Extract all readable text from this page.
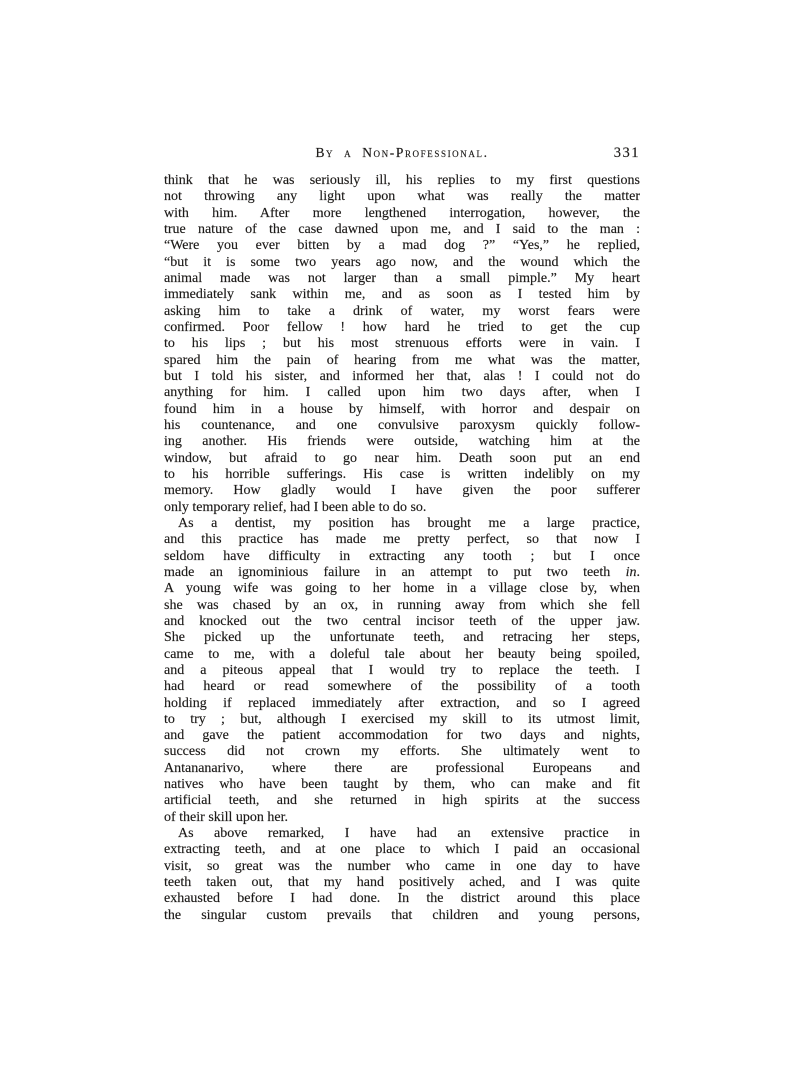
By a Non-Professional.	331
think that he was seriously ill, his replies to my first questions
not throwing any light upon what was really the matter
with him. After more lengthened interrogation, however, the
true nature of the case dawned upon me, and I said to the man :
“Were you ever bitten by a mad dog ?” “Yes,” he replied,
“but it is some two years ago now, and the wound which the
animal made was not larger than a small pimple.” My heart
immediately sank within me, and as soon as I tested him by
asking him to take a drink of water, my worst fears were
confirmed. Poor fellow ! how hard he tried to get the cup
to his lips ; but his most strenuous efforts were in vain. I
spared him the pain of hearing from me what was the matter,
but I told his sister, and informed her that, alas ! I could not do
anything for him. I called upon him two days after, when I
found him in a house by himself, with horror and despair on
his countenance, and one convulsive paroxysm quickly follow-
ing another. His friends were outside, watching him at the
window, but afraid to go near him. Death soon put an end
to his horrible sufferings. His case is written indelibly on my
memory. How gladly would I have given the poor sufferer
only temporary relief, had I been able to do so.
As a dentist, my position has brought me a large practice,
and this practice has made me pretty perfect, so that now I
seldom have difficulty in extracting any tooth ; but I once
made an ignominious failure in an attempt to put two teeth in.
A young wife was going to her home in a village close by, when
she was chased by an ox, in running away from which she fell
and knocked out the two central incisor teeth of the upper jaw.
She picked up the unfortunate teeth, and retracing her steps,
came to me, with a doleful tale about her beauty being spoiled,
and a piteous appeal that I would try to replace the teeth. I
had heard or read somewhere of the possibility of a tooth
holding if replaced immediately after extraction, and so I agreed
to try ; but, although I exercised my skill to its utmost limit,
and gave the patient accommodation for two days and nights,
success did not crown my efforts. She ultimately went to
Antananarivo, where there are professional Europeans and
natives who have been taught by them, who can make and fit
artificial teeth, and she returned in high spirits at the success
of their skill upon her.
As above remarked, I have had an extensive practice in
extracting teeth, and at one place to which I paid an occasional
visit, so great was the number who came in one day to have
teeth taken out, that my hand positively ached, and I was quite
exhausted before I had done. In the district around this place
the singular custom prevails that children and young persons,
